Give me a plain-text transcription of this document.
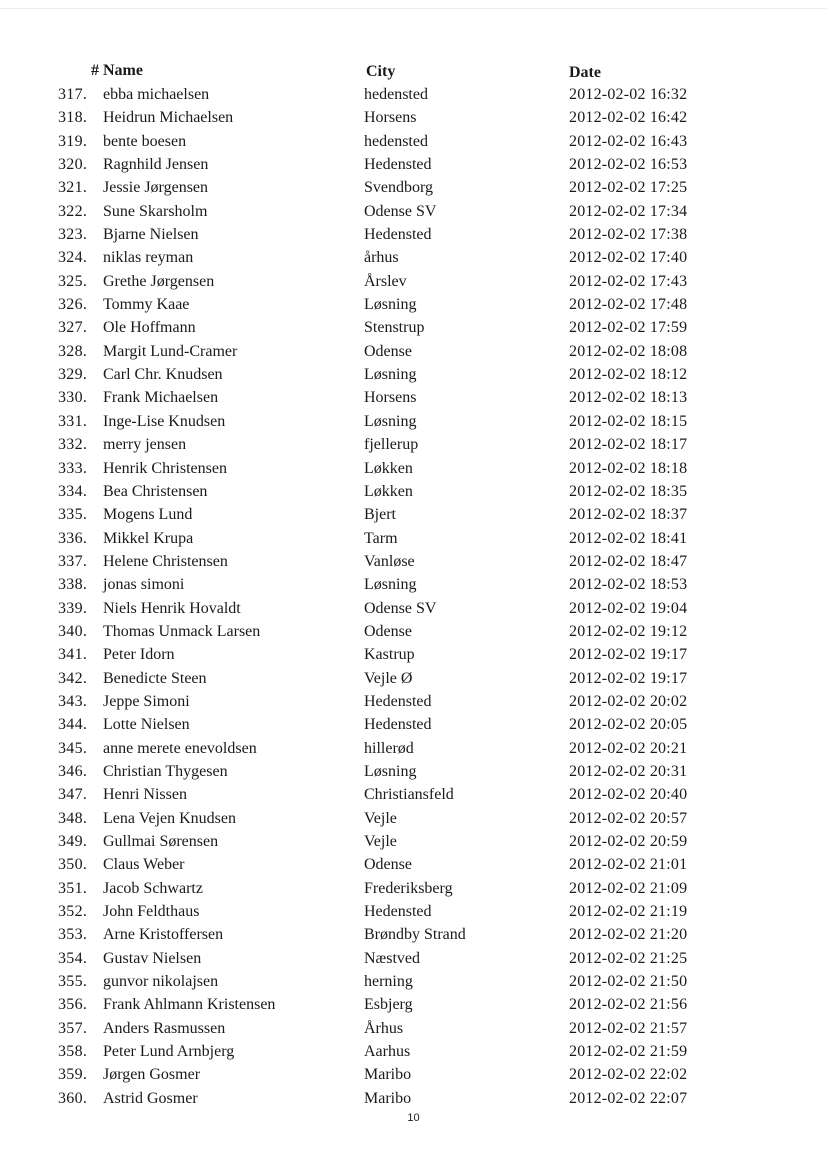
# Name	City	Date
317. ebba michaelsen	hedensted	2012-02-02 16:32
318. Heidrun Michaelsen	Horsens	2012-02-02 16:42
319. bente boesen	hedensted	2012-02-02 16:43
320. Ragnhild Jensen	Hedensted	2012-02-02 16:53
321. Jessie Jørgensen	Svendborg	2012-02-02 17:25
322. Sune Skarsholm	Odense SV	2012-02-02 17:34
323. Bjarne Nielsen	Hedensted	2012-02-02 17:38
324. niklas reyman	århus	2012-02-02 17:40
325. Grethe Jørgensen	Årslev	2012-02-02 17:43
326. Tommy Kaae	Løsning	2012-02-02 17:48
327. Ole Hoffmann	Stenstrup	2012-02-02 17:59
328. Margit Lund-Cramer	Odense	2012-02-02 18:08
329. Carl Chr. Knudsen	Løsning	2012-02-02 18:12
330. Frank Michaelsen	Horsens	2012-02-02 18:13
331. Inge-Lise Knudsen	Løsning	2012-02-02 18:15
332. merry jensen	fjellerup	2012-02-02 18:17
333. Henrik Christensen	Løkken	2012-02-02 18:18
334. Bea Christensen	Løkken	2012-02-02 18:35
335. Mogens Lund	Bjert	2012-02-02 18:37
336. Mikkel Krupa	Tarm	2012-02-02 18:41
337. Helene Christensen	Vanløse	2012-02-02 18:47
338. jonas simoni	Løsning	2012-02-02 18:53
339. Niels Henrik Hovaldt	Odense SV	2012-02-02 19:04
340. Thomas Unmack Larsen	Odense	2012-02-02 19:12
341. Peter Idorn	Kastrup	2012-02-02 19:17
342. Benedicte Steen	Vejle Ø	2012-02-02 19:17
343. Jeppe Simoni	Hedensted	2012-02-02 20:02
344. Lotte Nielsen	Hedensted	2012-02-02 20:05
345. anne merete enevoldsen	hillerød	2012-02-02 20:21
346. Christian Thygesen	Løsning	2012-02-02 20:31
347. Henri Nissen	Christiansfeld	2012-02-02 20:40
348. Lena Vejen Knudsen	Vejle	2012-02-02 20:57
349. Gullmai Sørensen	Vejle	2012-02-02 20:59
350. Claus Weber	Odense	2012-02-02 21:01
351. Jacob Schwartz	Frederiksberg	2012-02-02 21:09
352. John Feldthaus	Hedensted	2012-02-02 21:19
353. Arne Kristoffersen	Brøndby Strand	2012-02-02 21:20
354. Gustav Nielsen	Næstved	2012-02-02 21:25
355. gunvor nikolajsen	herning	2012-02-02 21:50
356. Frank Ahlmann Kristensen	Esbjerg	2012-02-02 21:56
357. Anders Rasmussen	Århus	2012-02-02 21:57
358. Peter Lund Arnbjerg	Aarhus	2012-02-02 21:59
359. Jørgen Gosmer	Maribo	2012-02-02 22:02
360. Astrid Gosmer	Maribo	2012-02-02 22:07
10
